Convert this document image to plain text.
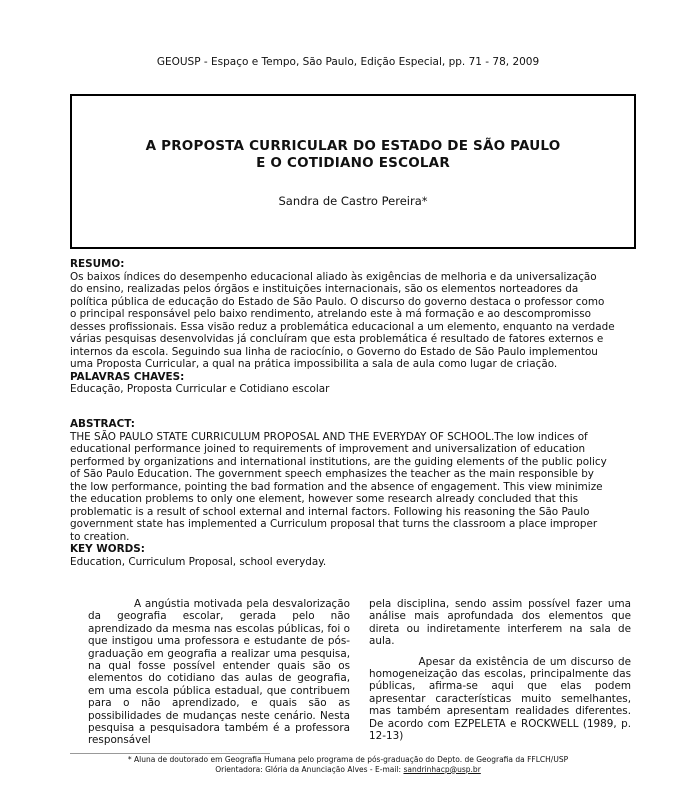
GEOUSP - Espaço e Tempo, São Paulo, Edição Especial, pp. 71 - 78, 2009
A PROPOSTA CURRICULAR DO ESTADO DE SÃO PAULO
E O COTIDIANO ESCOLAR
Sandra de Castro Pereira*
RESUMO:
Os baixos índices do desempenho educacional aliado às exigências de melhoria e da universalização
do ensino, realizadas pelos órgãos e instituições internacionais, são os elementos norteadores da
política pública de educação do Estado de São Paulo. O discurso do governo destaca o professor como
o principal responsável pelo baixo rendimento, atrelando este à má formação e ao descompromisso
desses profissionais. Essa visão reduz a problemática educacional a um elemento, enquanto na verdade
várias pesquisas desenvolvidas já concluíram que esta problemática é resultado de fatores externos e
internos da escola. Seguindo sua linha de raciocínio, o Governo do Estado de São Paulo implementou
uma Proposta Curricular, a qual na prática impossibilita a sala de aula como lugar de criação.
PALAVRAS CHAVES:
Educação, Proposta Curricular e Cotidiano escolar
ABSTRACT:
THE SÃO PAULO STATE CURRICULUM PROPOSAL AND THE EVERYDAY OF SCHOOL.The low indices of
educational performance joined to requirements of improvement and universalization of education
performed by organizations and international institutions, are the guiding elements of the public policy
of São Paulo Education. The government speech emphasizes the teacher as the main responsible by
the low performance, pointing the bad formation and the absence of engagement. This view minimize
the education problems to only one element, however some research already concluded that this
problematic is a result of school external and internal factors. Following his reasoning the São Paulo
government state has implemented a Curriculum proposal that turns the classroom a place improper
to creation.
KEY WORDS:
Education, Curriculum Proposal, school everyday.
A angústia motivada pela desvalorização da geografia escolar, gerada pelo não aprendizado da mesma nas escolas públicas, foi o que instigou uma professora e estudante de pós-graduação em geografia a realizar uma pesquisa, na qual fosse possível entender quais são os elementos do cotidiano das aulas de geografia, em uma escola pública estadual, que contribuem para o não aprendizado, e quais são as possibilidades de mudanças neste cenário. Nesta pesquisa a pesquisadora também é a professora responsável
pela disciplina, sendo assim possível fazer uma análise mais aprofundada dos elementos que direta ou indiretamente interferem na sala de aula.
Apesar da existência de um discurso de homogeneização das escolas, principalmente das públicas, afirma-se aqui que elas podem apresentar características muito semelhantes, mas também apresentam realidades diferentes. De acordo com EZPELETA e ROCKWELL (1989, p. 12-13)
* Aluna de doutorado em Geografia Humana pelo programa de pós-graduação do Depto. de Geografia da FFLCH/USP
Orientadora: Glória da Anunciação Alves - E-mail: sandrinhacp@usp.br
